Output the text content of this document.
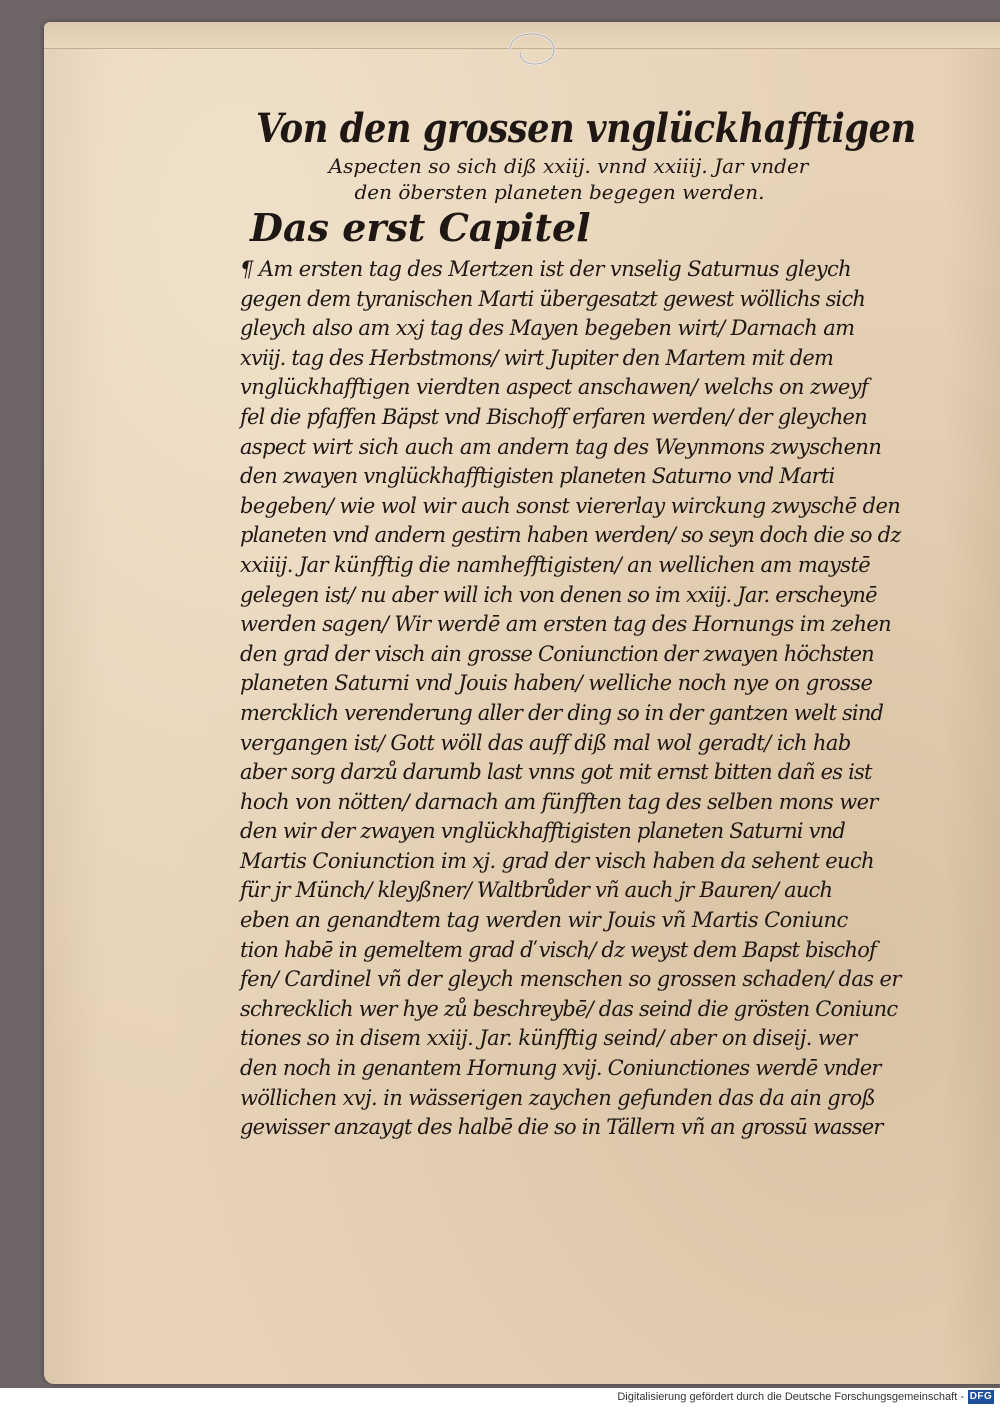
Von den grossen vnglückhafftigen
Aspecten so sich diß xxiij. vnnd xxiiij. Jar vnder
den öbersten planeten begegen werden.
Das erst Capitel
¶ Am ersten tag des Mertzen ist der vnselig Saturnus gleych
gegen dem tyranischen Marti übergesatzt gewest wöllichs sich
gleych also am xxj tag des Mayen begeben wirt/ Darnach am
xviij. tag des Herbstmons/ wirt Jupiter den Martem mit dem
vnglückhafftigen vierdten aspect anschawen/ welchs on zweyf
fel die pfaffen Bäpst vnd Bischoff erfaren werden/ der gleychen
aspect wirt sich auch am andern tag des Weynmons zwyschenn
den zwayen vnglückhafftigisten planeten Saturno vnd Marti
begeben/ wie wol wir auch sonst viererlay wirckung zwyschē den
planeten vnd andern gestirn haben werden/ so seyn doch die so dz
xxiiij. Jar künfftig die namhefftigisten/ an wellichen am maystē
gelegen ist/ nu aber will ich von denen so im xxiij. Jar. erscheynē
werden sagen/ Wir werdē am ersten tag des Hornungs im zehen
den grad der visch ain grosse Coniunction der zwayen höchsten
planeten Saturni vnd Jouis haben/ welliche noch nye on grosse
mercklich verenderung aller der ding so in der gantzen welt sind
vergangen ist/ Gott wöll das auff diß mal wol geradt/ ich hab
aber sorg darzů darumb last vnns got mit ernst bitten dañ es ist
hoch von nötten/ darnach am fünfften tag des selben mons wer
den wir der zwayen vnglückhafftigisten planeten Saturni vnd
Martis Coniunction im xj. grad der visch haben da sehent euch
für jr Münch/ kleyßner/ Waltbrůder vñ auch jr Bauren/ auch
eben an genandtem tag werden wir Jouis vñ Martis Coniunc
tion habē in gemeltem grad ď visch/ dz weyst dem Bapst bischof
fen/ Cardinel vñ der gleych menschen so grossen schaden/ das er
schrecklich wer hye zů beschreybē/ das seind die grösten Coniunc
tiones so in disem xxiij. Jar. künfftig seind/ aber on diseij. wer
den noch in genantem Hornung xvij. Coniunctiones werdē vnder
wöllichen xvj. in wässerigen zaychen gefunden das da ain groß
gewisser anzaygt des halbē die so in Tällern vñ an grossū wasser
Digitalisierung gefördert durch die Deutsche Forschungsgemeinschaft - DFG
